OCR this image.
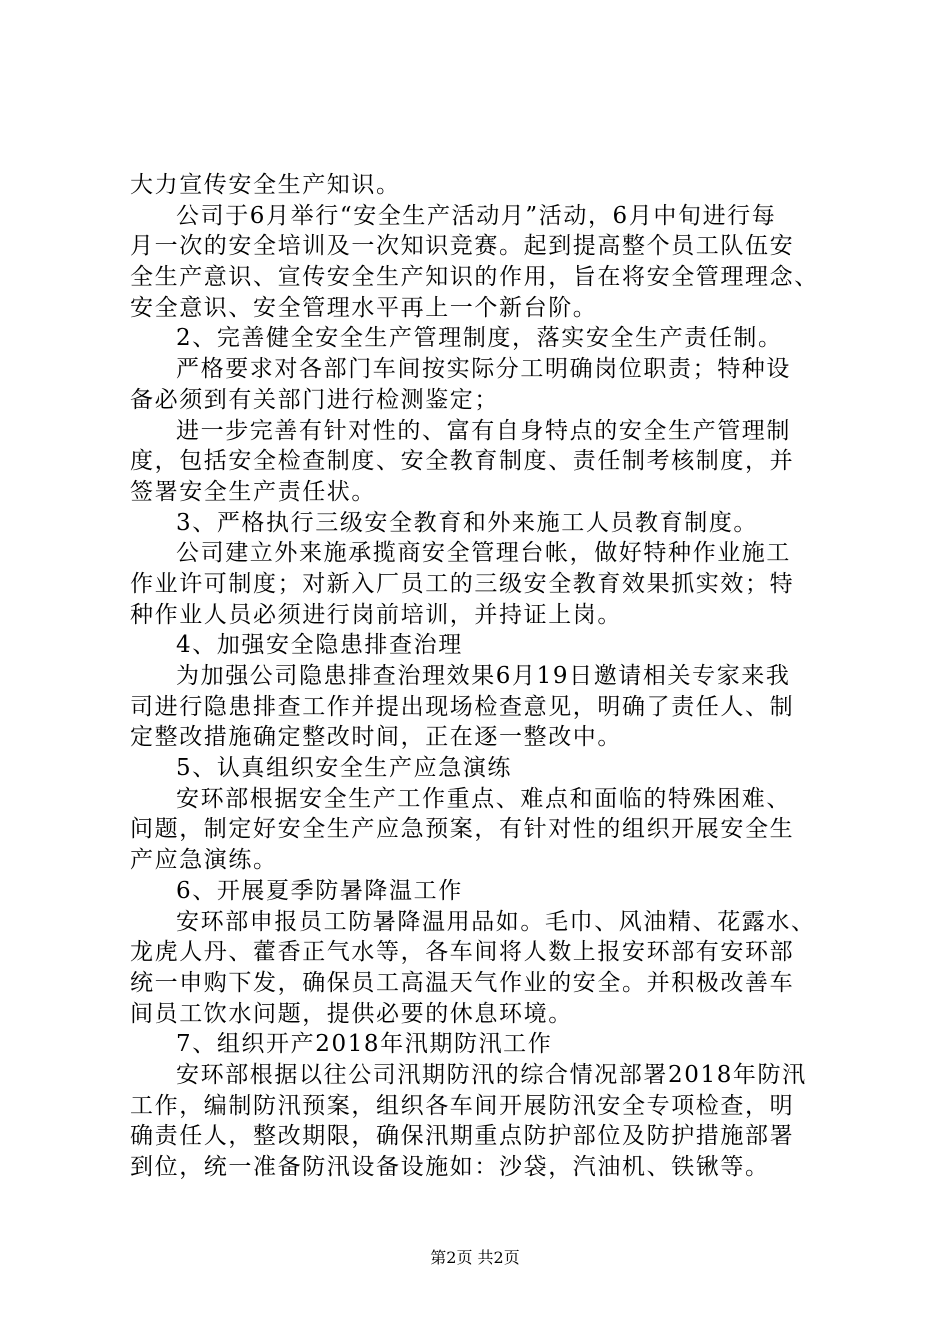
大力宣传安全生产知识。
公司于6月举行“安全生产活动月”活动，6月中旬进行每
月一次的安全培训及一次知识竞赛。起到提高整个员工队伍安
全生产意识、宣传安全生产知识的作用，旨在将安全管理理念、
安全意识、安全管理水平再上一个新台阶。
2、完善健全安全生产管理制度，落实安全生产责任制。
严格要求对各部门车间按实际分工明确岗位职责；特种设
备必须到有关部门进行检测鉴定；
进一步完善有针对性的、富有自身特点的安全生产管理制
度，包括安全检查制度、安全教育制度、责任制考核制度，并
签署安全生产责任状。
3、严格执行三级安全教育和外来施工人员教育制度。
公司建立外来施承揽商安全管理台帐，做好特种作业施工
作业许可制度；对新入厂员工的三级安全教育效果抓实效；特
种作业人员必须进行岗前培训，并持证上岗。
4、加强安全隐患排查治理
为加强公司隐患排查治理效果6月19日邀请相关专家来我
司进行隐患排查工作并提出现场检查意见，明确了责任人、制
定整改措施确定整改时间，正在逐一整改中。
5、认真组织安全生产应急演练
安环部根据安全生产工作重点、难点和面临的特殊困难、
问题，制定好安全生产应急预案，有针对性的组织开展安全生
产应急演练。
6、开展夏季防暑降温工作
安环部申报员工防暑降温用品如。毛巾、风油精、花露水、
龙虎人丹、藿香正气水等，各车间将人数上报安环部有安环部
统一申购下发，确保员工高温天气作业的安全。并积极改善车
间员工饮水问题，提供必要的休息环境。
7、组织开产2018年汛期防汛工作
安环部根据以往公司汛期防汛的综合情况部署2018年防汛
工作，编制防汛预案，组织各车间开展防汛安全专项检查，明
确责任人，整改期限，确保汛期重点防护部位及防护措施部署
到位，统一准备防汛设备设施如：沙袋，汽油机、铁锹等。
第2页 共2页
